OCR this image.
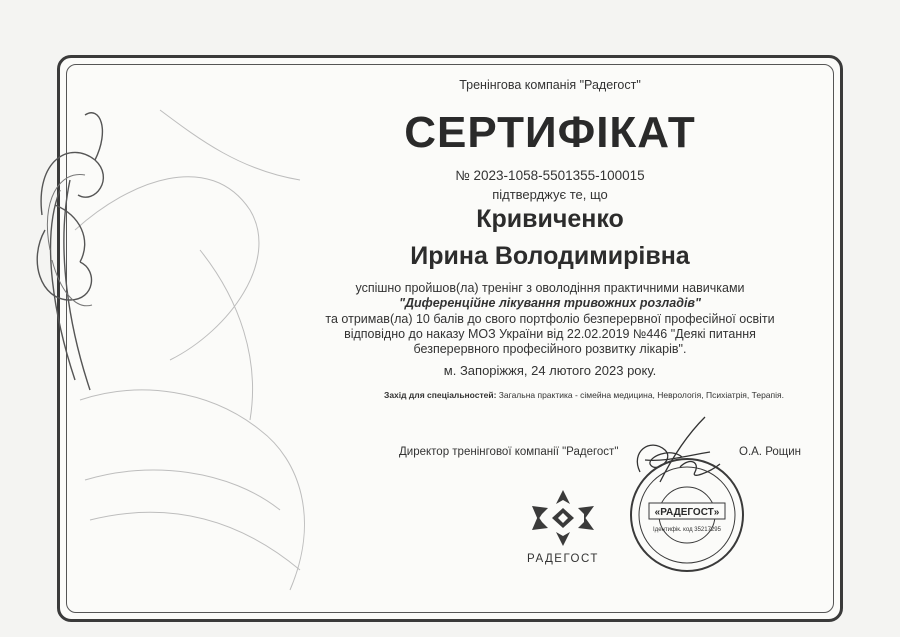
Тренінгова компанія "Радегост"
СЕРТИФІКАТ
№ 2023-1058-5501355-100015
підтверджує те, що
Кривиченко
Ирина Володимирівна
успішно пройшов(ла) тренінг з оволодіння практичними навичками
"Диференційне лікування тривожних розладів"
та отримав(ла) 10 балів до свого портфоліо безперервної професійної освіти
відповідно до наказу МОЗ України від 22.02.2019 №446 "Деякі питання
безперервного професійного розвитку лікарів".
м. Запоріжжя, 24 лютого 2023 року.
Захід для спеціальностей: Загальна практика - сімейна медицина, Неврологія, Психіатрія, Терапія.
Директор тренінгової компанії "Радегост"	О.А. Рощин
РАДЕГОСТ
«РАДЕГОСТ»
Ідентифік. код 35217295
